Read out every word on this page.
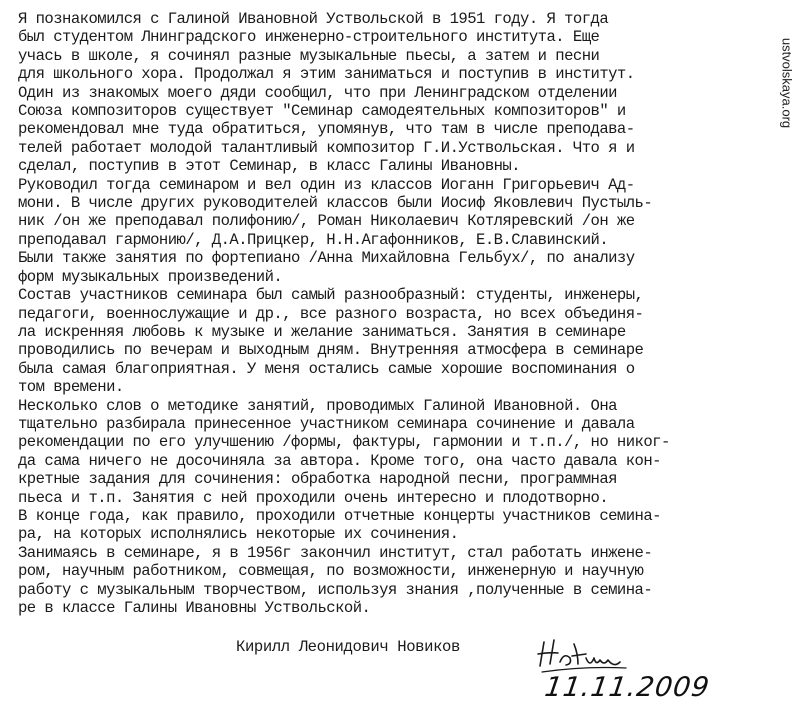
ustvolskaya.org
Я познакомился с Галиной Ивановной Уствольской в 1951 году. Я тогда
был студентом Лнинградского инженерно-строительного института. Еще
учась в школе, я сочинял разные музыкальные пьесы, а затем и песни
для школьного хора. Продолжал я этим заниматься и поступив в институт.
Один из знакомых моего дяди сообщил, что при Ленинградском отделении
Союза композиторов существует "Семинар самодеятельных композиторов" и
рекомендовал мне туда обратиться, упомянув, что там в числе преподава-
телей работает молодой талантливый композитор Г.И.Уствольская. Что я и
сделал, поступив в этот Семинар, в класс Галины Ивановны.
Руководил тогда семинаром и вел один из классов Иоганн Григорьевич Ад-
мони. В числе других руководителей классов были Иосиф Яковлевич Пустыль-
ник /он же преподавал полифонию/, Роман Николаевич Котляревский /он же
преподавал гармонию/, Д.А.Прицкер, Н.Н.Агафонников, Е.В.Славинский.
Были также занятия по фортепиано /Анна Михайловна Гельбух/, по анализу
форм музыкальных произведений.
Состав участников семинара был самый разнообразный: студенты, инженеры,
педагоги, военнослужащие и др., все разного возраста, но всех объединя-
ла искренняя любовь к музыке и желание заниматься. Занятия в семинаре
проводились по вечерам и выходным дням. Внутренняя атмосфера в семинаре
была самая благоприятная. У меня остались самые хорошие воспоминания о
том времени.
Несколько слов о методике занятий, проводимых Галиной Ивановной. Она
тщательно разбирала принесенное участником семинара сочинение и давала
рекомендации по его улучшению /формы, фактуры, гармонии и т.п./, но никог-
да сама ничего не досочиняла за автора. Кроме того, она часто давала кон-
кретные задания для сочинения: обработка народной песни, программная
пьеса и т.п. Занятия с ней проходили очень интересно и плодотворно.
В конце года, как правило, проходили отчетные концерты участников семина-
ра, на которых исполнялись некоторые их сочинения.
Занимаясь в семинаре, я в 1956г закончил институт, стал работать инжене-
ром, научным работником, совмещая, по возможности, инженерную и научную
работу с музыкальным творчеством, используя знания ,полученные в семина-
ре в классе Галины Ивановны Уствольской.
Кирилл Леонидович Новиков
11.11.2009
